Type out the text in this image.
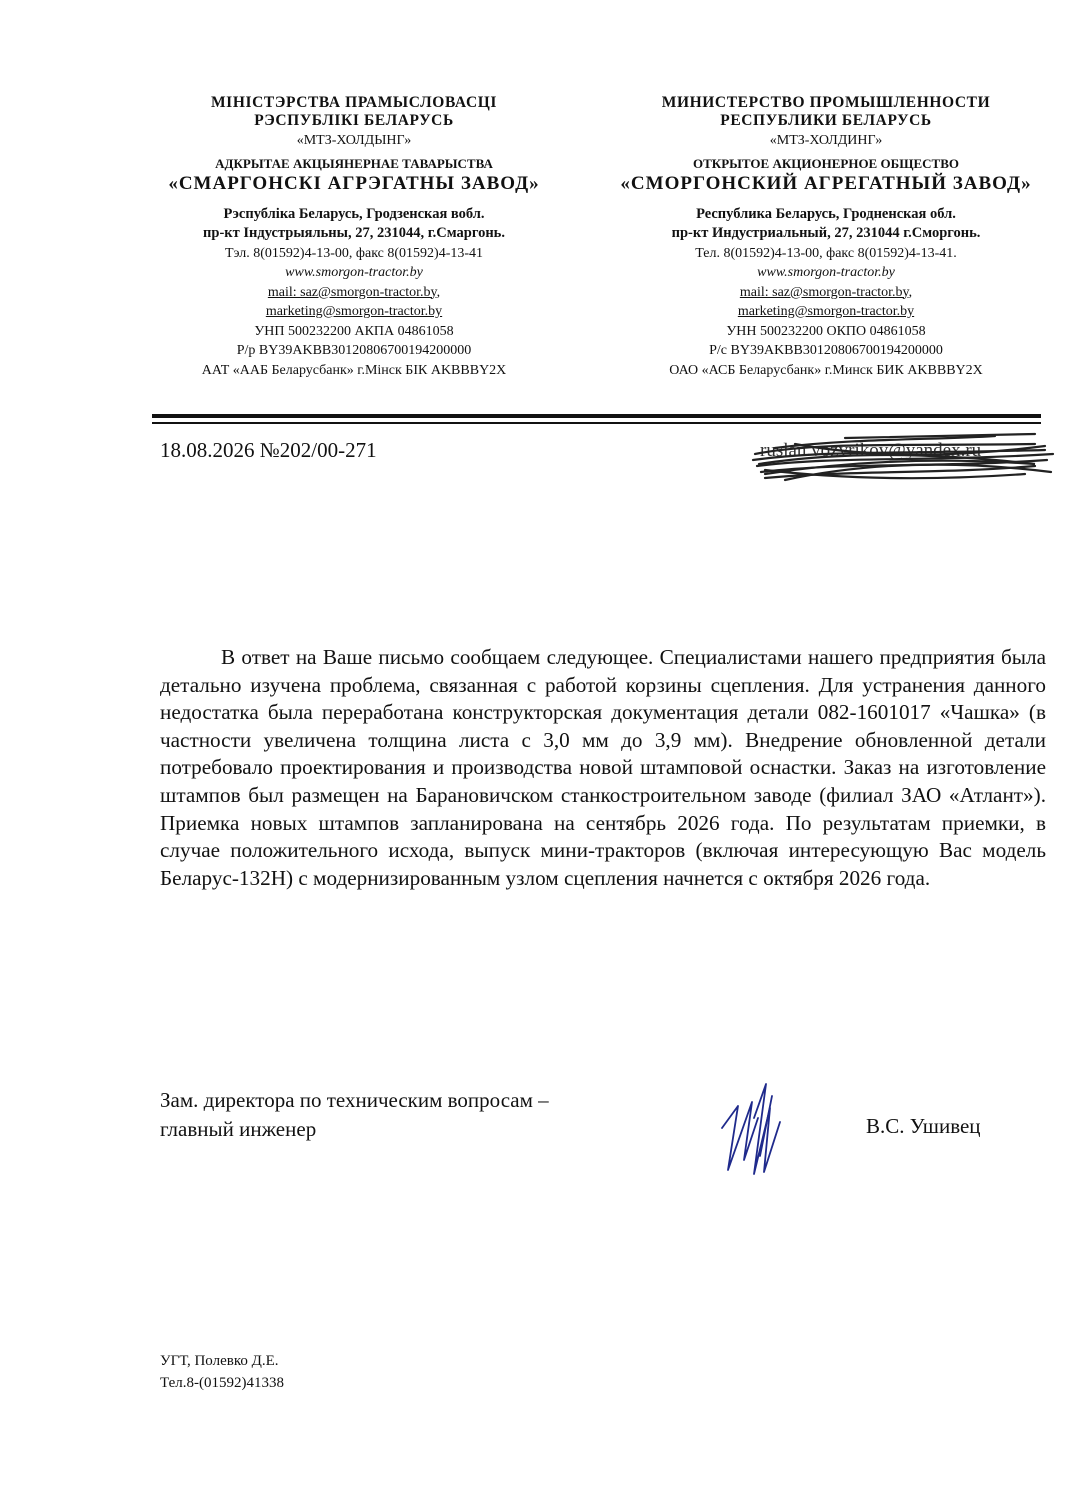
МІНІСТЭРСТВА ПРАМЫСЛОВАСЦІ
РЭСПУБЛІКІ БЕЛАРУСЬ
«МТЗ-ХОЛДЫНГ»
АДКРЫТАЕ АКЦЫЯНЕРНАЕ ТАВАРЫСТВА
«СМАРГОНСКІ АГРЭГАТНЫ ЗАВОД»
Рэспубліка Беларусь, Гродзенская вобл.
пр-кт Індустрыяльны, 27, 231044, г.Смаргонь.
Тэл. 8(01592)4-13-00, факс 8(01592)4-13-41
www.smorgon-tractor.by
mail: saz@smorgon-tractor.by,
marketing@smorgon-tractor.by
УНП 500232200 АКПА 04861058
Р/р BY39AKBB30120806700194200000
ААТ «ААБ Беларусбанк» г.Мінск БІК AKBBBY2X
МИНИСТЕРСТВО ПРОМЫШЛЕННОСТИ
РЕСПУБЛИКИ БЕЛАРУСЬ
«МТЗ-ХОЛДИНГ»
ОТКРЫТОЕ АКЦИОНЕРНОЕ ОБЩЕСТВО
«СМОРГОНСКИЙ АГРЕГАТНЫЙ ЗАВОД»
Республика Беларусь, Гродненская обл.
пр-кт Индустриальный, 27, 231044 г.Сморгонь.
Тел. 8(01592)4-13-00, факс 8(01592)4-13-41.
www.smorgon-tractor.by
mail: saz@smorgon-tractor.by,
marketing@smorgon-tractor.by
УНН 500232200 ОКПО 04861058
Р/с BY39AKBB30120806700194200000
ОАО «АСБ Беларусбанк» г.Минск БИК AKBBBY2X
18.08.2026 №202/00-271	ruslan.vozvrikov@yandex.ru

В ответ на Ваше письмо сообщаем следующее. Специалистами нашего предприятия была детально изучена проблема, связанная с работой корзины сцепления. Для устранения данного недостатка была переработана конструкторская документация детали 082-1601017 «Чашка» (в частности увеличена толщина листа с 3,0 мм до 3,9 мм). Внедрение обновленной детали потребовало проектирования и производства новой штамповой оснастки. Заказ на изготовление штампов был размещен на Барановичском станкостроительном заводе (филиал ЗАО «Атлант»). Приемка новых штампов запланирована на сентябрь 2026 года. По результатам приемки, в случае положительного исхода, выпуск мини-тракторов (включая интересующую Вас модель Беларус-132Н) с модернизированным узлом сцепления начнется с октября 2026 года.

Зам. директора по техническим вопросам –
главный инженер	В.С. Ушивец
УГТ, Полевко Д.Е.
Тел.8-(01592)41338
